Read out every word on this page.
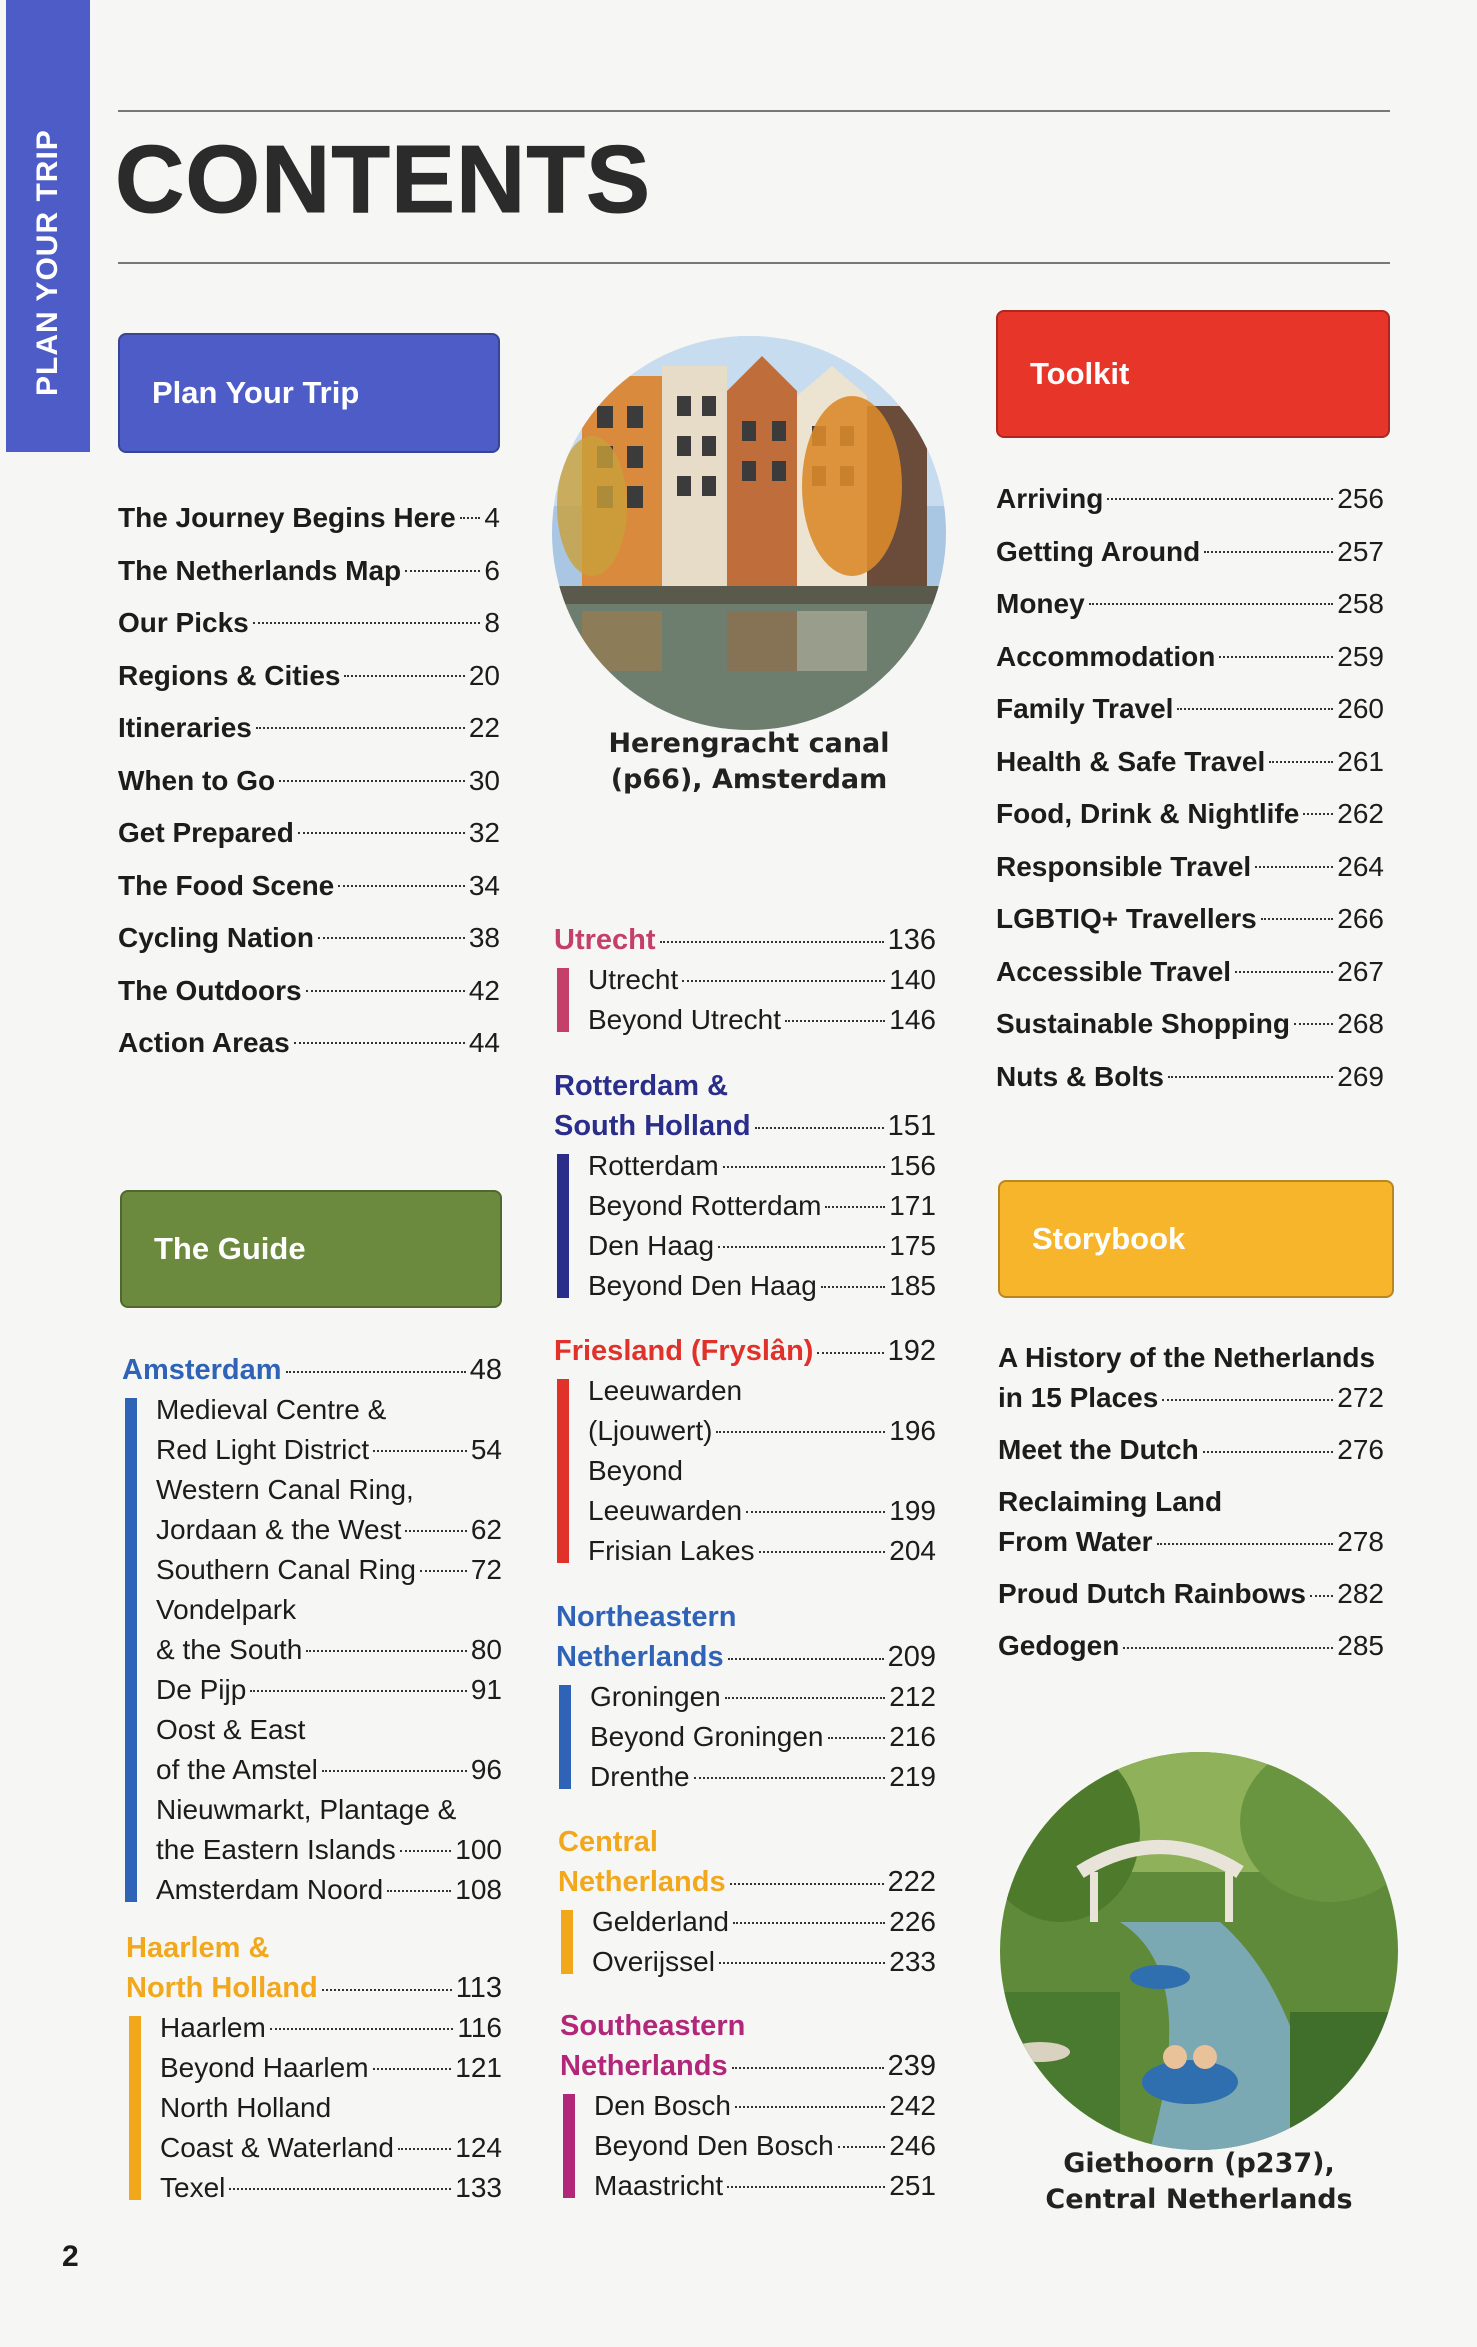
PLAN YOUR TRIP CONTENTS
Plan Your Trip
The Journey Begins Here 4
The Netherlands Map	6
Our Picks	8
Regions & Cities	20
Itineraries	22
When to Go	30
Get Prepared	32
The Food Scene	34
Cycling Nation	38
The Outdoors	42
Action Areas	44
The Guide
Amsterdam	48
Medieval Centre &
Red Light District	54
Western Canal Ring,
Jordaan & the West 62
Southern Canal Ring 72
Vondelpark
& the South	80
De Pijp	91
Oost & East
of the Amstel	96
Nieuwmarkt, Plantage &
the Eastern Islands 100
Amsterdam Noord	108
Haarlem &
North Holland	113
Haarlem	116
Beyond Haarlem	121
North Holland
Coast & Waterland 124
Texel	133
Herengracht canal
(p66), Amsterdam
Utrecht	136
Utrecht	140
Beyond Utrecht	146
Rotterdam &
South Holland	151
Rotterdam	156
Beyond Rotterdam 171
Den Haag	175
Beyond Den Haag	185
Friesland (Fryslân)	192
Leeuwarden
(Ljouwert)	196
Beyond
Leeuwarden	199
Frisian Lakes	204
Northeastern
Netherlands	209
Groningen	212
Beyond Groningen 216
Drenthe	219
Central
Netherlands	222
Gelderland	226
Overijssel	233
Southeastern
Netherlands	239
Den Bosch	242
Beyond Den Bosch 246
Maastricht	251
Toolkit
Arriving	256
Getting Around	257
Money	258
Accommodation	259
Family Travel	260
Health & Safe Travel	261
Food, Drink & Nightlife 262
Responsible Travel	264
LGBTIQ+ Travellers	266
Accessible Travel	267
Sustainable Shopping 268
Nuts & Bolts	269
Storybook
A History of the Netherlands
in 15 Places	272
Meet the Dutch	276
Reclaiming Land
From Water	278
Proud Dutch Rainbows 282
Gedogen	285
Giethoorn (p237),
Central Netherlands
2
